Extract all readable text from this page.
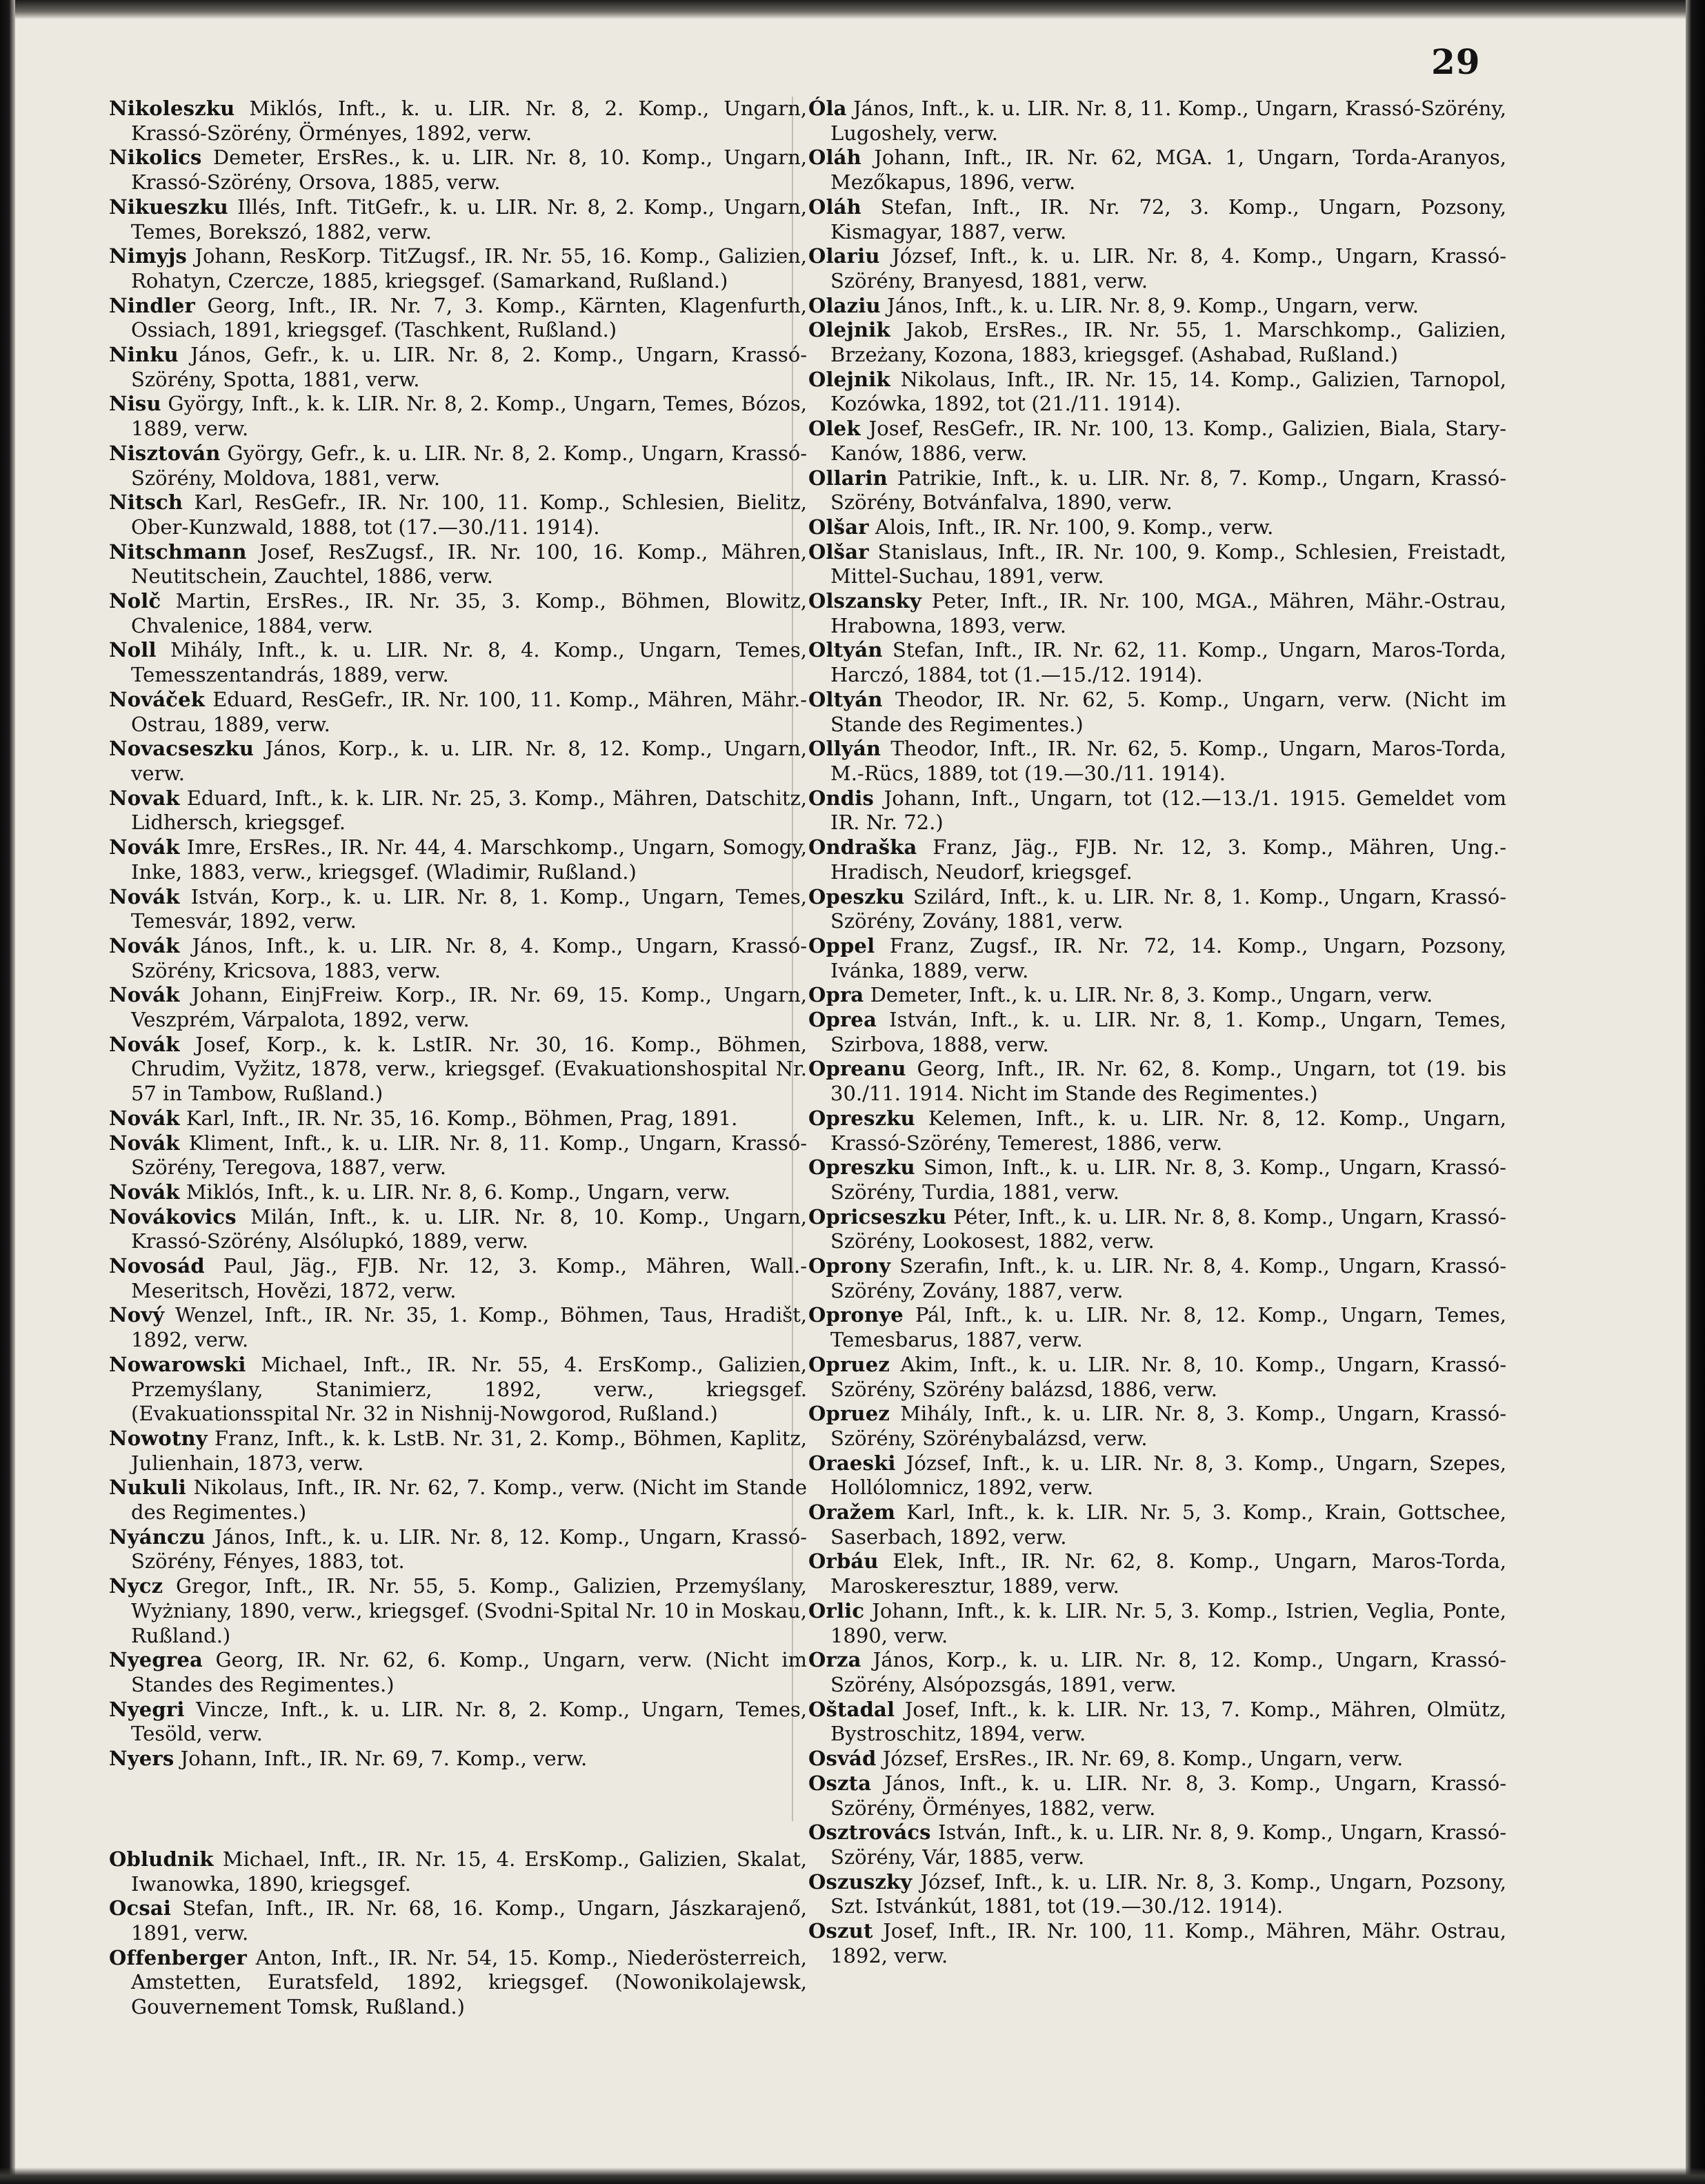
29

Nikoleszku Miklós, Inft., k. u. LIR. Nr. 8, 2. Komp., Ungarn, Krassó-Szörény, Örményes, 1892, verw.

Nikolics Demeter, ErsRes., k. u. LIR. Nr. 8, 10. Komp., Ungarn, Krassó-Szörény, Orsova, 1885, verw.

Nikueszku Illés, Inft. TitGefr., k. u. LIR. Nr. 8, 2. Komp., Ungarn, Temes, Borekszó, 1882, verw.

Nimyjs Johann, ResKorp. TitZugsf., IR. Nr. 55, 16. Komp., Galizien, Rohatyn, Czercze, 1885, kriegsgef. (Samarkand, Rußland.)

Nindler Georg, Inft., IR. Nr. 7, 3. Komp., Kärnten, Klagenfurth, Ossiach, 1891, kriegsgef. (Taschkent, Rußland.)

Ninku János, Gefr., k. u. LIR. Nr. 8, 2. Komp., Ungarn, Krassó-Szörény, Spotta, 1881, verw.

Nisu György, Inft., k. k. LIR. Nr. 8, 2. Komp., Ungarn, Temes, Bózos, 1889, verw.

Nisztován György, Gefr., k. u. LIR. Nr. 8, 2. Komp., Ungarn, Krassó-Szörény, Moldova, 1881, verw.

Nitsch Karl, ResGefr., IR. Nr. 100, 11. Komp., Schlesien, Bielitz, Ober-Kunzwald, 1888, tot (17.—30./11. 1914).

Nitschmann Josef, ResZugsf., IR. Nr. 100, 16. Komp., Mähren, Neutitschein, Zauchtel, 1886, verw.

Nolč Martin, ErsRes., IR. Nr. 35, 3. Komp., Böhmen, Blowitz, Chvalenice, 1884, verw.

Noll Mihály, Inft., k. u. LIR. Nr. 8, 4. Komp., Ungarn, Temes, Temesszentandrás, 1889, verw.

Nováček Eduard, ResGefr., IR. Nr. 100, 11. Komp., Mähren, Mähr.-Ostrau, 1889, verw.

Novacseszku János, Korp., k. u. LIR. Nr. 8, 12. Komp., Ungarn, verw.

Novak Eduard, Inft., k. k. LIR. Nr. 25, 3. Komp., Mähren, Datschitz, Lidhersch, kriegsgef.

Novák Imre, ErsRes., IR. Nr. 44, 4. Marschkomp., Ungarn, Somogy, Inke, 1883, verw., kriegsgef. (Wladimir, Rußland.)

Novák István, Korp., k. u. LIR. Nr. 8, 1. Komp., Ungarn, Temes, Temesvár, 1892, verw.

Novák János, Inft., k. u. LIR. Nr. 8, 4. Komp., Ungarn, Krassó-Szörény, Kricsova, 1883, verw.

Novák Johann, EinjFreiw. Korp., IR. Nr. 69, 15. Komp., Ungarn, Veszprém, Várpalota, 1892, verw.

Novák Josef, Korp., k. k. LstIR. Nr. 30, 16. Komp., Böhmen, Chrudim, Vyžitz, 1878, verw., kriegsgef. (Evakuationshospital Nr. 57 in Tambow, Rußland.)

Novák Karl, Inft., IR. Nr. 35, 16. Komp., Böhmen, Prag, 1891.

Novák Kliment, Inft., k. u. LIR. Nr. 8, 11. Komp., Ungarn, Krassó-Szörény, Teregova, 1887, verw.

Novák Miklós, Inft., k. u. LIR. Nr. 8, 6. Komp., Ungarn, verw.

Novákovics Milán, Inft., k. u. LIR. Nr. 8, 10. Komp., Ungarn, Krassó-Szörény, Alsólupkó, 1889, verw.

Novosád Paul, Jäg., FJB. Nr. 12, 3. Komp., Mähren, Wall.-Meseritsch, Hovězi, 1872, verw.

Nový Wenzel, Inft., IR. Nr. 35, 1. Komp., Böhmen, Taus, Hradišt, 1892, verw.

Nowarowski Michael, Inft., IR. Nr. 55, 4. ErsKomp., Galizien, Przemyślany, Stanimierz, 1892, verw., kriegsgef. (Evakuationsspital Nr. 32 in Nishnij-Nowgorod, Rußland.)

Nowotny Franz, Inft., k. k. LstB. Nr. 31, 2. Komp., Böhmen, Kaplitz, Julienhain, 1873, verw.

Nukuli Nikolaus, Inft., IR. Nr. 62, 7. Komp., verw. (Nicht im Stande des Regimentes.)

Nyánczu János, Inft., k. u. LIR. Nr. 8, 12. Komp., Ungarn, Krassó-Szörény, Fényes, 1883, tot.

Nycz Gregor, Inft., IR. Nr. 55, 5. Komp., Galizien, Przemyślany, Wyżniany, 1890, verw., kriegsgef. (Svodni-Spital Nr. 10 in Moskau, Rußland.)

Nyegrea Georg, IR. Nr. 62, 6. Komp., Ungarn, verw. (Nicht im Standes des Regimentes.)

Nyegri Vincze, Inft., k. u. LIR. Nr. 8, 2. Komp., Ungarn, Temes, Tesöld, verw.

Nyers Johann, Inft., IR. Nr. 69, 7. Komp., verw.

Obludnik Michael, Inft., IR. Nr. 15, 4. ErsKomp., Galizien, Skalat, Iwanowka, 1890, kriegsgef.

Ocsai Stefan, Inft., IR. Nr. 68, 16. Komp., Ungarn, Jászkarajenő, 1891, verw.

Offenberger Anton, Inft., IR. Nr. 54, 15. Komp., Niederösterreich, Amstetten, Euratsfeld, 1892, kriegsgef. (Nowonikolajewsk, Gouvernement Tomsk, Rußland.)

Óla János, Inft., k. u. LIR. Nr. 8, 11. Komp., Ungarn, Krassó-Szörény, Lugoshely, verw.

Oláh Johann, Inft., IR. Nr. 62, MGA. 1, Ungarn, Torda-Aranyos, Mezőkapus, 1896, verw.

Oláh Stefan, Inft., IR. Nr. 72, 3. Komp., Ungarn, Pozsony, Kismagyar, 1887, verw.

Olariu József, Inft., k. u. LIR. Nr. 8, 4. Komp., Ungarn, Krassó-Szörény, Branyesd, 1881, verw.

Olaziu János, Inft., k. u. LIR. Nr. 8, 9. Komp., Ungarn, verw.

Olejnik Jakob, ErsRes., IR. Nr. 55, 1. Marschkomp., Galizien, Brzeżany, Kozona, 1883, kriegsgef. (Ashabad, Rußland.)

Olejnik Nikolaus, Inft., IR. Nr. 15, 14. Komp., Galizien, Tarnopol, Kozówka, 1892, tot (21./11. 1914).

Olek Josef, ResGefr., IR. Nr. 100, 13. Komp., Galizien, Biala, Stary-Kanów, 1886, verw.

Ollarin Patrikie, Inft., k. u. LIR. Nr. 8, 7. Komp., Ungarn, Krassó-Szörény, Botvánfalva, 1890, verw.

Olšar Alois, Inft., IR. Nr. 100, 9. Komp., verw.

Olšar Stanislaus, Inft., IR. Nr. 100, 9. Komp., Schlesien, Freistadt, Mittel-Suchau, 1891, verw.

Olszansky Peter, Inft., IR. Nr. 100, MGA., Mähren, Mähr.-Ostrau, Hrabowna, 1893, verw.

Oltyán Stefan, Inft., IR. Nr. 62, 11. Komp., Ungarn, Maros-Torda, Harczó, 1884, tot (1.—15./12. 1914).

Oltyán Theodor, IR. Nr. 62, 5. Komp., Ungarn, verw. (Nicht im Stande des Regimentes.)

Ollyán Theodor, Inft., IR. Nr. 62, 5. Komp., Ungarn, Maros-Torda, M.-Rücs, 1889, tot (19.—30./11. 1914).

Ondis Johann, Inft., Ungarn, tot (12.—13./1. 1915. Gemeldet vom IR. Nr. 72.)

Ondraška Franz, Jäg., FJB. Nr. 12, 3. Komp., Mähren, Ung.-Hradisch, Neudorf, kriegsgef.

Opeszku Szilárd, Inft., k. u. LIR. Nr. 8, 1. Komp., Ungarn, Krassó-Szörény, Zovány, 1881, verw.

Oppel Franz, Zugsf., IR. Nr. 72, 14. Komp., Ungarn, Pozsony, Ivánka, 1889, verw.

Opra Demeter, Inft., k. u. LIR. Nr. 8, 3. Komp., Ungarn, verw.

Oprea István, Inft., k. u. LIR. Nr. 8, 1. Komp., Ungarn, Temes, Szirbova, 1888, verw.

Opreanu Georg, Inft., IR. Nr. 62, 8. Komp., Ungarn, tot (19. bis 30./11. 1914. Nicht im Stande des Regimentes.)

Opreszku Kelemen, Inft., k. u. LIR. Nr. 8, 12. Komp., Ungarn, Krassó-Szörény, Temerest, 1886, verw.

Opreszku Simon, Inft., k. u. LIR. Nr. 8, 3. Komp., Ungarn, Krassó-Szörény, Turdia, 1881, verw.

Opricseszku Péter, Inft., k. u. LIR. Nr. 8, 8. Komp., Ungarn, Krassó-Szörény, Lookosest, 1882, verw.

Oprony Szerafin, Inft., k. u. LIR. Nr. 8, 4. Komp., Ungarn, Krassó-Szörény, Zovány, 1887, verw.

Opronye Pál, Inft., k. u. LIR. Nr. 8, 12. Komp., Ungarn, Temes, Temesbarus, 1887, verw.

Opruez Akim, Inft., k. u. LIR. Nr. 8, 10. Komp., Ungarn, Krassó-Szörény, Szörény balázsd, 1886, verw.

Opruez Mihály, Inft., k. u. LIR. Nr. 8, 3. Komp., Ungarn, Krassó-Szörény, Szörénybalázsd, verw.

Oraeski József, Inft., k. u. LIR. Nr. 8, 3. Komp., Ungarn, Szepes, Hollólomnicz, 1892, verw.

Oražem Karl, Inft., k. k. LIR. Nr. 5, 3. Komp., Krain, Gottschee, Saserbach, 1892, verw.

Orbáu Elek, Inft., IR. Nr. 62, 8. Komp., Ungarn, Maros-Torda, Maroskeresztur, 1889, verw.

Orlic Johann, Inft., k. k. LIR. Nr. 5, 3. Komp., Istrien, Veglia, Ponte, 1890, verw.

Orza János, Korp., k. u. LIR. Nr. 8, 12. Komp., Ungarn, Krassó-Szörény, Alsópozsgás, 1891, verw.

Oštadal Josef, Inft., k. k. LIR. Nr. 13, 7. Komp., Mähren, Olmütz, Bystroschitz, 1894, verw.

Osvád József, ErsRes., IR. Nr. 69, 8. Komp., Ungarn, verw.

Oszta János, Inft., k. u. LIR. Nr. 8, 3. Komp., Ungarn, Krassó-Szörény, Örményes, 1882, verw.

Osztrovács István, Inft., k. u. LIR. Nr. 8, 9. Komp., Ungarn, Krassó-Szörény, Vár, 1885, verw.

Oszuszky József, Inft., k. u. LIR. Nr. 8, 3. Komp., Ungarn, Pozsony, Szt. Istvánkút, 1881, tot (19.—30./12. 1914).

Oszut Josef, Inft., IR. Nr. 100, 11. Komp., Mähren, Mähr. Ostrau, 1892, verw.
